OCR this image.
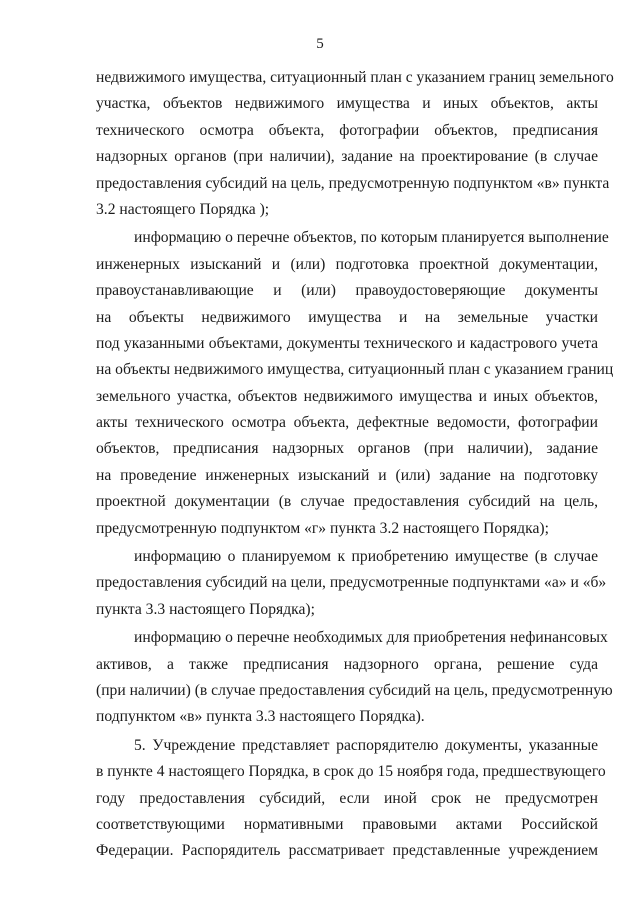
5
недвижимого имущества, ситуационный план с указанием границ земельного
участка, объектов недвижимого имущества и иных объектов, акты
технического осмотра объекта, фотографии объектов, предписания
надзорных органов (при наличии), задание на проектирование (в случае
предоставления субсидий на цель, предусмотренную подпунктом «в» пункта
3.2 настоящего Порядка );
информацию о перечне объектов, по которым планируется выполнение
инженерных изысканий и (или) подготовка проектной документации,
правоустанавливающие и (или) правоудостоверяющие документы
на объекты недвижимого имущества и на земельные участки
под указанными объектами, документы технического и кадастрового учета
на объекты недвижимого имущества, ситуационный план с указанием границ
земельного участка, объектов недвижимого имущества и иных объектов,
акты технического осмотра объекта, дефектные ведомости, фотографии
объектов, предписания надзорных органов (при наличии), задание
на проведение инженерных изысканий и (или) задание на подготовку
проектной документации (в случае предоставления субсидий на цель,
предусмотренную подпунктом «г» пункта 3.2 настоящего Порядка);
информацию о планируемом к приобретению имуществе (в случае
предоставления субсидий на цели, предусмотренные подпунктами «а» и «б»
пункта 3.3 настоящего Порядка);
информацию о перечне необходимых для приобретения нефинансовых
активов, а также предписания надзорного органа, решение суда
(при наличии) (в случае предоставления субсидий на цель, предусмотренную
подпунктом «в» пункта 3.3 настоящего Порядка).
5. Учреждение представляет распорядителю документы, указанные
в пункте 4 настоящего Порядка, в срок до 15 ноября года, предшествующего
году предоставления субсидий, если иной срок не предусмотрен
соответствующими нормативными правовыми актами Российской
Федерации. Распорядитель рассматривает представленные учреждением
